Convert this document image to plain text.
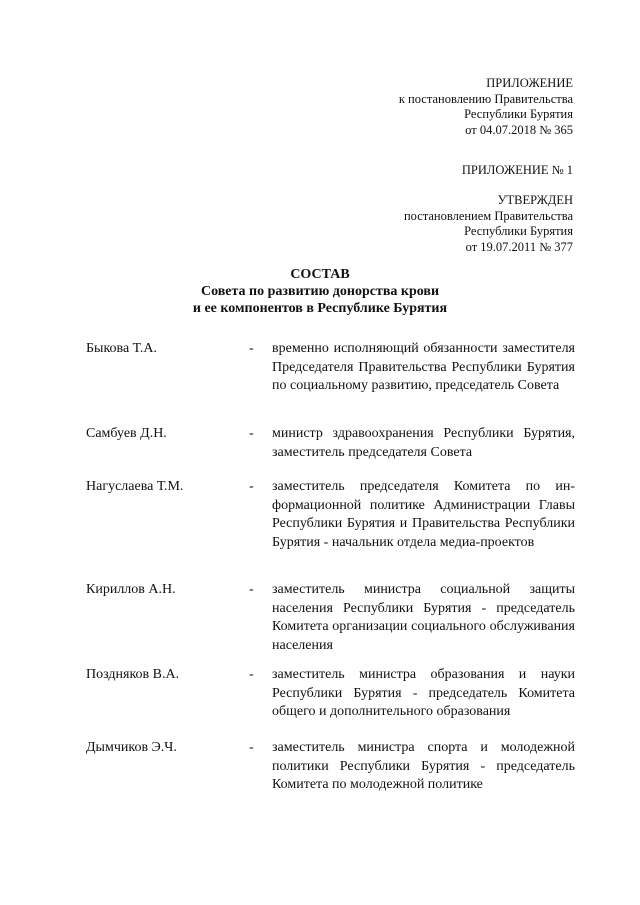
ПРИЛОЖЕНИЕ
к постановлению Правительства
Республики Бурятия
от 04.07.2018 № 365
ПРИЛОЖЕНИЕ № 1
УТВЕРЖДЕН
постановлением Правительства
Республики Бурятия
от 19.07.2011 № 377
СОСТАВ
Совета по развитию донорства крови
и ее компонентов в Республике Бурятия
Быкова Т.А.	- временно исполняющий обязанности заместителя Председателя Правительства Республики Бурятия по социальному развитию, председатель Совета
Самбуев Д.Н.	- министр здравоохранения Республики Бурятия, заместитель председателя Совета
Нагуслаева Т.М.	- заместитель председателя Комитета по информационной политике Администрации Главы Республики Бурятия и Правительства Республики Бурятия - начальник отдела медиа-проектов
Кириллов А.Н.	- заместитель министра социальной защиты населения Республики Бурятия - председатель Комитета организации социального обслуживания населения
Поздняков В.А.	- заместитель министра образования и науки Республики Бурятия - председатель Комитета общего и дополнительного образования
Дымчиков Э.Ч.	- заместитель министра спорта и молодежной политики Республики Бурятия - председатель Комитета по молодежной политике
